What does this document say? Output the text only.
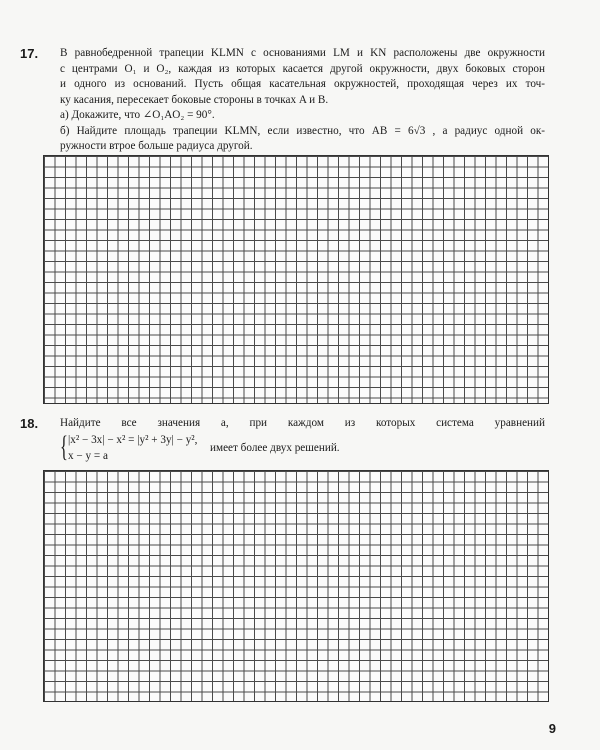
17. В равнобедренной трапеции KLMN с основаниями LM и KN расположены две окружности
с центрами O₁ и O₂, каждая из которых касается другой окружности, двух боковых сторон
и одного из оснований. Пусть общая касательная окружностей, проходящая через их точ-
ку касания, пересекает боковые стороны в точках A и B.
а) Докажите, что ∠O₁AO₂ = 90°.
б) Найдите площадь трапеции KLMN, если известно, что AB = 6√3 , а радиус одной ок-
ружности втрое больше радиуса другой.
18. Найдите все значения a, при каждом из которых система уравнений
{ |x² − 3x| − x² = |y² + 3y| − y²,
x − y = a
имеет более двух решений.
9
